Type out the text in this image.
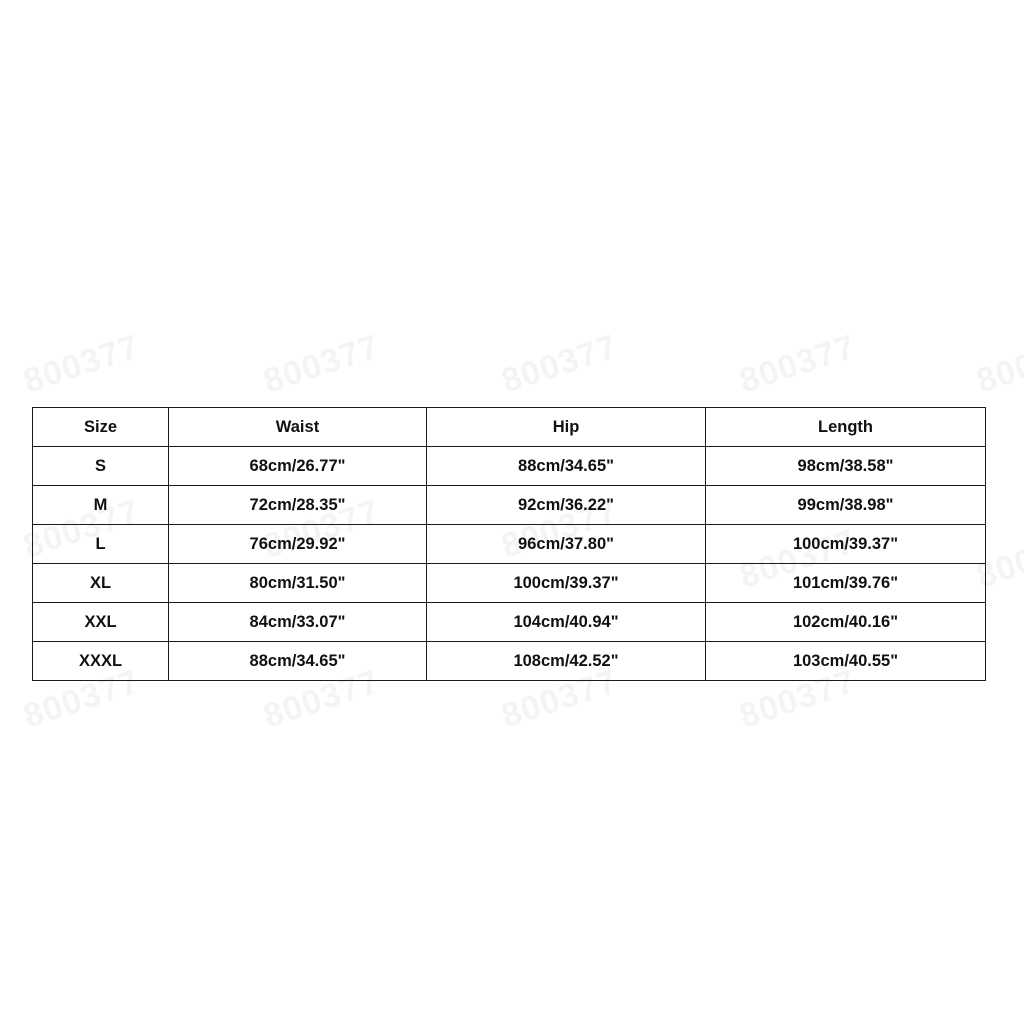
Size	Waist	Hip	Length
S	68cm/26.77"	88cm/34.65"	98cm/38.58"
M	72cm/28.35"	92cm/36.22"	99cm/38.98"
L	76cm/29.92"	96cm/37.80"	100cm/39.37"
XL	80cm/31.50"	100cm/39.37"	101cm/39.76"
XXL	84cm/33.07"	104cm/40.94"	102cm/40.16"
XXXL	88cm/34.65"	108cm/42.52"	103cm/40.55"
